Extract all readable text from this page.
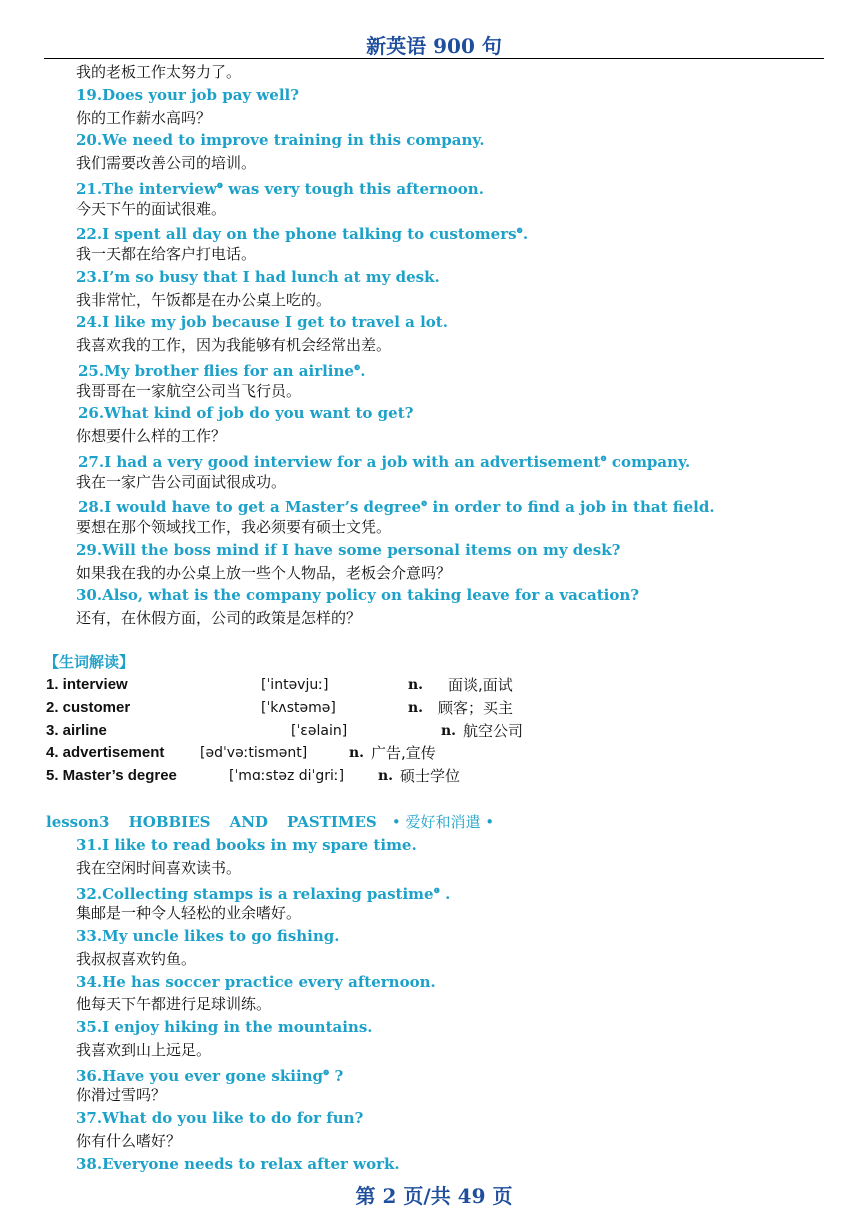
新英语 900 句
我的老板工作太努力了。
19.Does your job pay well?
你的工作薪水高吗？
20.We need to improve training in this company.
我们需要改善公司的培训。
21.The interview$^❶$ was very tough this afternoon.
今天下午的面试很难。
22.I spent all day on the phone talking to customers$^❷$.
我一天都在给客户打电话。
23.I’m so busy that I had lunch at my desk.
我非常忙，午饭都是在办公桌上吃的。
24.I like my job because I get to travel a lot.
我喜欢我的工作，因为我能够有机会经常出差。
25.My brother flies for an airline$^❸$.
我哥哥在一家航空公司当飞行员。
26.What kind of job do you want to get?
你想要什么样的工作？
27.I had a very good interview for a job with an advertisement$^❹$ company.
我在一家广告公司面试很成功。
28.I would have to get a Master’s degree$^❺$ in order to find a job in that field.
要想在那个领域找工作，我必须要有硕士文凭。
29.Will the boss mind if I have some personal items on my desk?
如果我在我的办公桌上放一些个人物品，老板会介意吗？
30.Also, what is the company policy on taking leave for a vacation?
还有，在休假方面，公司的政策是怎样的？
【生词解读】
1. interview	[ˈintəvjuː]	n. 面谈,面试
2. customer	[ˈkʌstəmə]	n. 顾客；买主
3. airline	[ˈɛəlain]	n. 航空公司
4. advertisement	[ədˈvəːtismənt]	n. 广告,宣传
5. Master’s degree	[ˈmɑːstəz diˈgriː] n. 硕士学位
lesson3 HOBBIES AND PASTIMES • 爱好和消遣 •
31.I like to read books in my spare time.
我在空闲时间喜欢读书。
32.Collecting stamps is a relaxing pastime$^❶$ .
集邮是一种令人轻松的业余嗜好。
33.My uncle likes to go fishing.
我叔叔喜欢钓鱼。
34.He has soccer practice every afternoon.
他每天下午都进行足球训练。
35.I enjoy hiking in the mountains.
我喜欢到山上远足。
36.Have you ever gone skiing$^❷$ ?
你滑过雪吗？
37.What do you like to do for fun?
你有什么嗜好？
38.Everyone needs to relax after work.
第 2 页/共 49 页
